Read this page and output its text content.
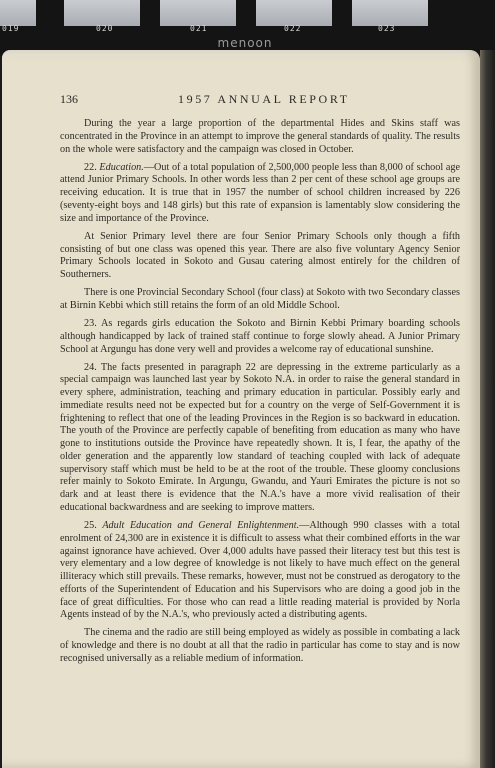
019	020	021	022	023
menoon
136	1957 ANNUAL REPORT

During the year a large proportion of the departmental Hides and Skins staff was concentrated in the Province in an attempt to improve the general standards of quality. The results on the whole were satisfactory and the campaign was closed in October.

22. Education.—Out of a total population of 2,500,000 people less than 8,000 of school age attend Junior Primary Schools. In other words less than 2 per cent of these school age groups are receiving education. It is true that in 1957 the number of school children increased by 226 (seventy-eight boys and 148 girls) but this rate of expansion is lamentably slow considering the size and importance of the Province.

At Senior Primary level there are four Senior Primary Schools only though a fifth consisting of but one class was opened this year. There are also five voluntary Agency Senior Primary Schools located in Sokoto and Gusau catering almost entirely for the children of Southerners.

There is one Provincial Secondary School (four class) at Sokoto with two Secondary classes at Birnin Kebbi which still retains the form of an old Middle School.

23. As regards girls education the Sokoto and Birnin Kebbi Primary boarding schools although handicapped by lack of trained staff continue to forge slowly ahead. A Junior Primary School at Argungu has done very well and provides a welcome ray of educational sunshine.

24. The facts presented in paragraph 22 are depressing in the extreme particularly as a special campaign was launched last year by Sokoto N.A. in order to raise the general standard in every sphere, administration, teaching and primary education in particular. Possibly early and immediate results need not be expected but for a country on the verge of Self-Government it is frightening to reflect that one of the leading Provinces in the Region is so backward in education. The youth of the Province are perfectly capable of benefiting from education as many who have gone to institutions outside the Province have repeatedly shown. It is, I fear, the apathy of the older generation and the apparently low standard of teaching coupled with lack of adequate supervisory staff which must be held to be at the root of the trouble. These gloomy conclusions refer mainly to Sokoto Emirate. In Argungu, Gwandu, and Yauri Emirates the picture is not so dark and at least there is evidence that the N.A.'s have a more vivid realisation of their educational backwardness and are seeking to improve matters.

25. Adult Education and General Enlightenment.—Although 990 classes with a total enrolment of 24,300 are in existence it is difficult to assess what their combined efforts in the war against ignorance have achieved. Over 4,000 adults have passed their literacy test but this test is very elementary and a low degree of knowledge is not likely to have much effect on the general illiteracy which still prevails. These remarks, however, must not be construed as derogatory to the efforts of the Superintendent of Education and his Supervisors who are doing a good job in the face of great difficulties. For those who can read a little reading material is provided by Norla Agents instead of by the N.A.'s, who previously acted a distributing agents.

The cinema and the radio are still being employed as widely as possible in combating a lack of knowledge and there is no doubt at all that the radio in particular has come to stay and is now recognised universally as a reliable medium of information.
